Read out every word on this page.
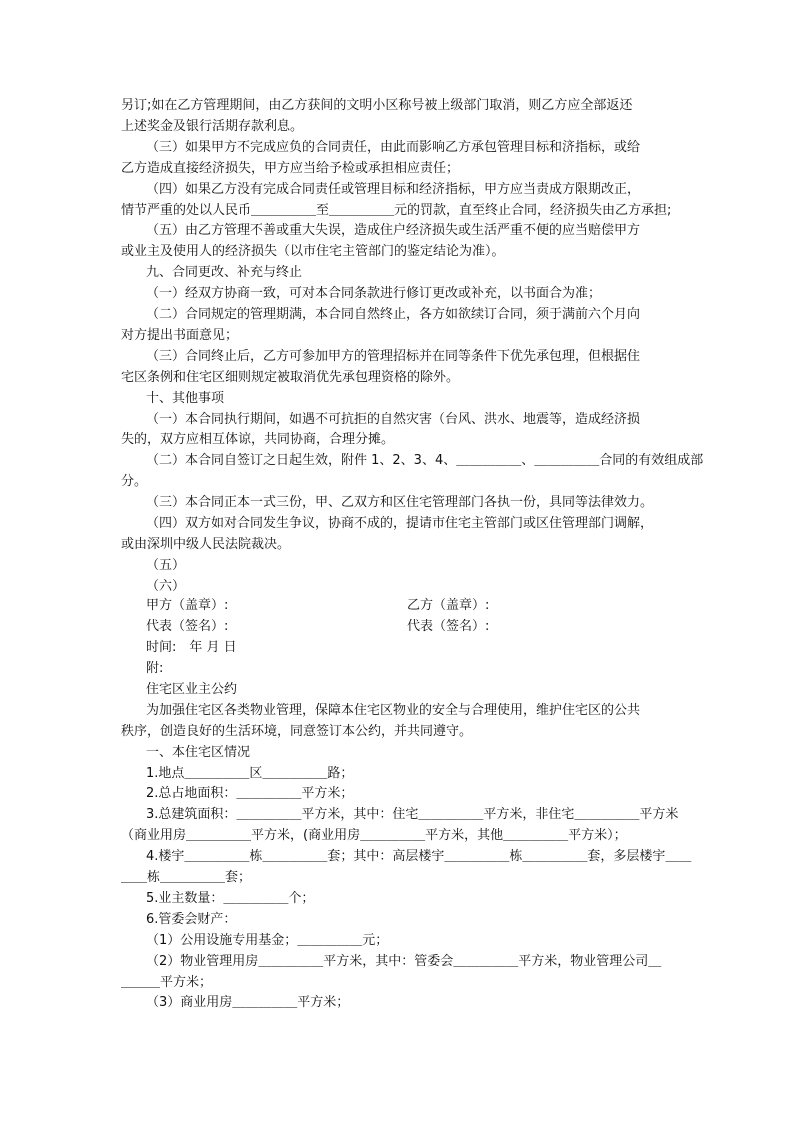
另订;如在乙方管理期间，由乙方获间的文明小区称号被上级部门取消，则乙方应全部返还
上述奖金及银行活期存款利息。
（三）如果甲方不完成应负的合同责任，由此而影响乙方承包管理目标和济指标，或给
乙方造成直接经济损失，甲方应当给予检或承担相应责任；
（四）如果乙方没有完成合同责任或管理目标和经济指标，甲方应当责成方限期改正，
情节严重的处以人民币＿＿＿＿＿至＿＿＿＿＿元的罚款，直至终止合同，经济损失由乙方承担;
（五）由乙方管理不善或重大失误，造成住户经济损失或生活严重不便的应当赔偿甲方
或业主及使用人的经济损失（以市住宅主管部门的鉴定结论为准）。
九、合同更改、补充与终止
（一）经双方协商一致，可对本合同条款进行修订更改或补充，以书面合为准；
（二）合同规定的管理期满，本合同自然终止，各方如欲续订合同，须于满前六个月向
对方提出书面意见；
（三）合同终止后，乙方可参加甲方的管理招标并在同等条件下优先承包理，但根据住
宅区条例和住宅区细则规定被取消优先承包理资格的除外。
十、其他事项
（一）本合同执行期间，如遇不可抗拒的自然灾害（台风、洪水、地震等，造成经济损
失的，双方应相互体谅，共同协商，合理分摊。
（二）本合同自签订之日起生效，附件 1、2、3、4、＿＿＿＿＿、＿＿＿＿＿合同的有效组成部
分。
（三）本合同正本一式三份，甲、乙双方和区住宅管理部门各执一份，具同等法律效力。
（四）双方如对合同发生争议，协商不成的，提请市住宅主管部门或区住管理部门调解，
或由深圳中级人民法院裁决。
（五）
（六）
甲方（盖章）:	乙方（盖章）:
代表（签名）:	代表（签名）:
时间:　年 月 日
附:
住宅区业主公约
为加强住宅区各类物业管理，保障本住宅区物业的安全与合理使用，维护住宅区的公共
秩序，创造良好的生活环境，同意签订本公约，并共同遵守。
一、本住宅区情况
1.地点＿＿＿＿＿区＿＿＿＿＿路；
2.总占地面积：＿＿＿＿＿平方米；
3.总建筑面积：＿＿＿＿＿平方米，其中：住宅＿＿＿＿＿平方米，非住宅＿＿＿＿＿平方米
（商业用房＿＿＿＿＿平方米，(商业用房＿＿＿＿＿平方米，其他＿＿＿＿＿平方米）；
4.楼宇＿＿＿＿＿栋＿＿＿＿＿套；其中：高层楼宇＿＿＿＿＿栋＿＿＿＿＿套，多层楼宇＿＿
＿＿栋＿＿＿＿＿套；
5.业主数量：＿＿＿＿＿个；
6.管委会财产：
（1）公用设施专用基金；＿＿＿＿＿元；
（2）物业管理用房＿＿＿＿＿平方米，其中：管委会＿＿＿＿＿平方米，物业管理公司＿
＿＿＿平方米；
（3）商业用房＿＿＿＿＿平方米；
